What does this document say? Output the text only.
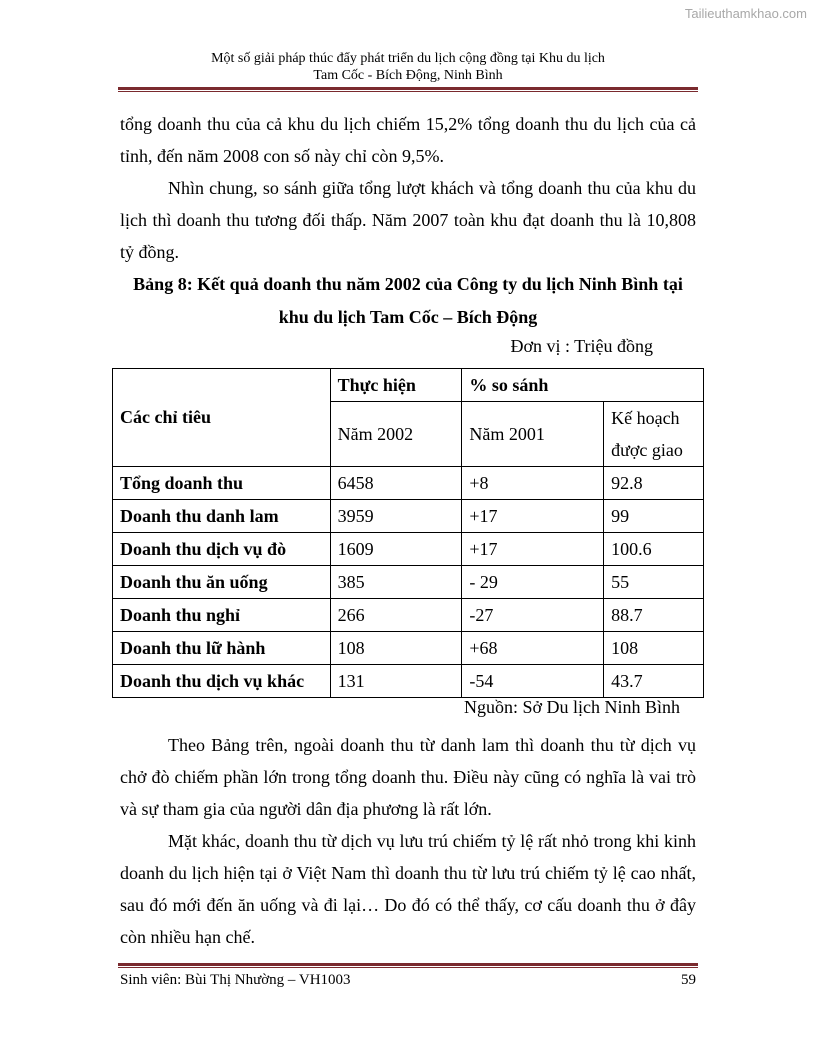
Tailieuthamkhao.com
Một số giải pháp thúc đẩy phát triển du lịch cộng đồng tại Khu du lịch
Tam Cốc - Bích Động, Ninh Bình

tổng doanh thu của cả khu du lịch chiếm 15,2% tổng doanh thu du lịch của cả tỉnh, đến năm 2008 con số này chỉ còn 9,5%.

Nhìn chung, so sánh giữa tổng lượt khách và tổng doanh thu của khu du lịch thì doanh thu tương đối thấp. Năm 2007 toàn khu đạt doanh thu là 10,808 tỷ đồng.

Bảng 8: Kết quả doanh thu năm 2002 của Công ty du lịch Ninh Bình tại
khu du lịch Tam Cốc – Bích Động
Đơn vị : Triệu đồng
Các chỉ tiêu	Thực hiện	% so sánh	
	Năm 2002	Năm 2001	Kế hoạch
được giao

Tổng doanh thu	6458	+8	92.8
Doanh thu danh lam	3959	+17	99
Doanh thu dịch vụ đò	1609	+17	100.6
Doanh thu ăn uống	385	- 29	55
Doanh thu nghỉ	266	-27	88.7
Doanh thu lữ hành	108	+68	108
Doanh thu dịch vụ khác	131	-54	43.7
Nguồn: Sở Du lịch Ninh Bình

Theo Bảng trên, ngoài doanh thu từ danh lam thì doanh thu từ dịch vụ chở đò chiếm phần lớn trong tổng doanh thu. Điều này cũng có nghĩa là vai trò và sự tham gia của người dân địa phương là rất lớn.

Mặt khác, doanh thu từ dịch vụ lưu trú chiếm tỷ lệ rất nhỏ trong khi kinh doanh du lịch hiện tại ở Việt Nam thì doanh thu từ lưu trú chiếm tỷ lệ cao nhất, sau đó mới đến ăn uống và đi lại… Do đó có thể thấy, cơ cấu doanh thu ở đây còn nhiều hạn chế.

Sinh viên: Bùi Thị Nhường – VH1003	59
